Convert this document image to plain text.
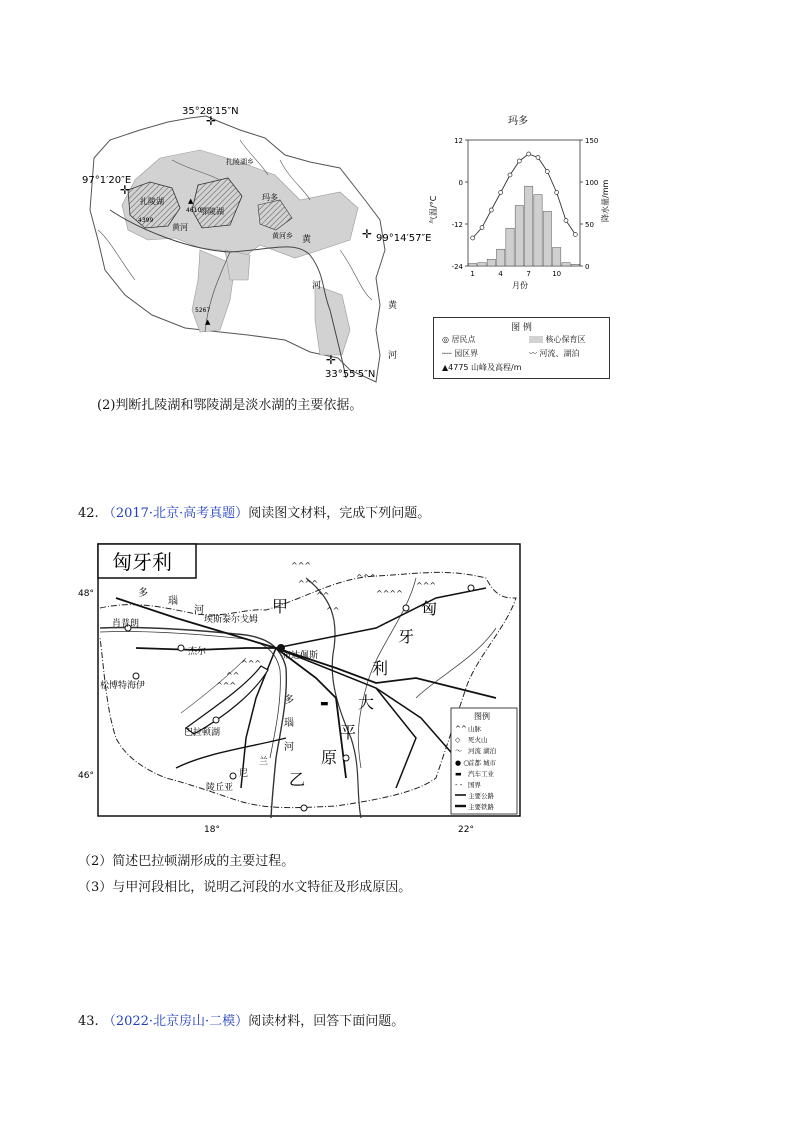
35°28′15″N
✛
97°1′20″E
✛
99°14′57″E
✛
33°55′5″N
✛
扎陵湖乡
扎陵湖
鄂陵湖
黄河
玛多
黄河乡 黄
河
黄
河
4610
4399
5267
▲
▲
玛多
12
0
-12
-24
150
100
50
0
1	4	7	10
月份
气温/°C	降水量/mm
图 例
◎ 居民点	核心保育区
┄┄ 园区界	〰 河流、湖泊
▲4775 山峰及高程/m
(2)判断扎陵湖和鄂陵湖是淡水湖的主要依据。
42. （2017·北京·高考真题）阅读图文材料，完成下列问题。
匈牙利
48°
46°
18°	22°
^^^
^^^
^^
^^^
^^^^
^^^
^^
^^^
^^
^^^
肖普朗	埃斯泰尔戈姆
杰尔	布达佩斯
松博特海伊
巴拉顿湖
陵丘亚
尼
兰
甲
大
平
原
匈
牙
利
乙
多
瑙
河
多
瑙
河
▬
图例
山脉
死火山
河流 湖泊
首都 城市
汽车工业
国界
主要公路
主要铁路
^^
◇
〜
● ○
▬
‐ ‐
（2）简述巴拉顿湖形成的主要过程。
（3）与甲河段相比，说明乙河段的水文特征及形成原因。
43. （2022·北京房山·二模）阅读材料，回答下面问题。
